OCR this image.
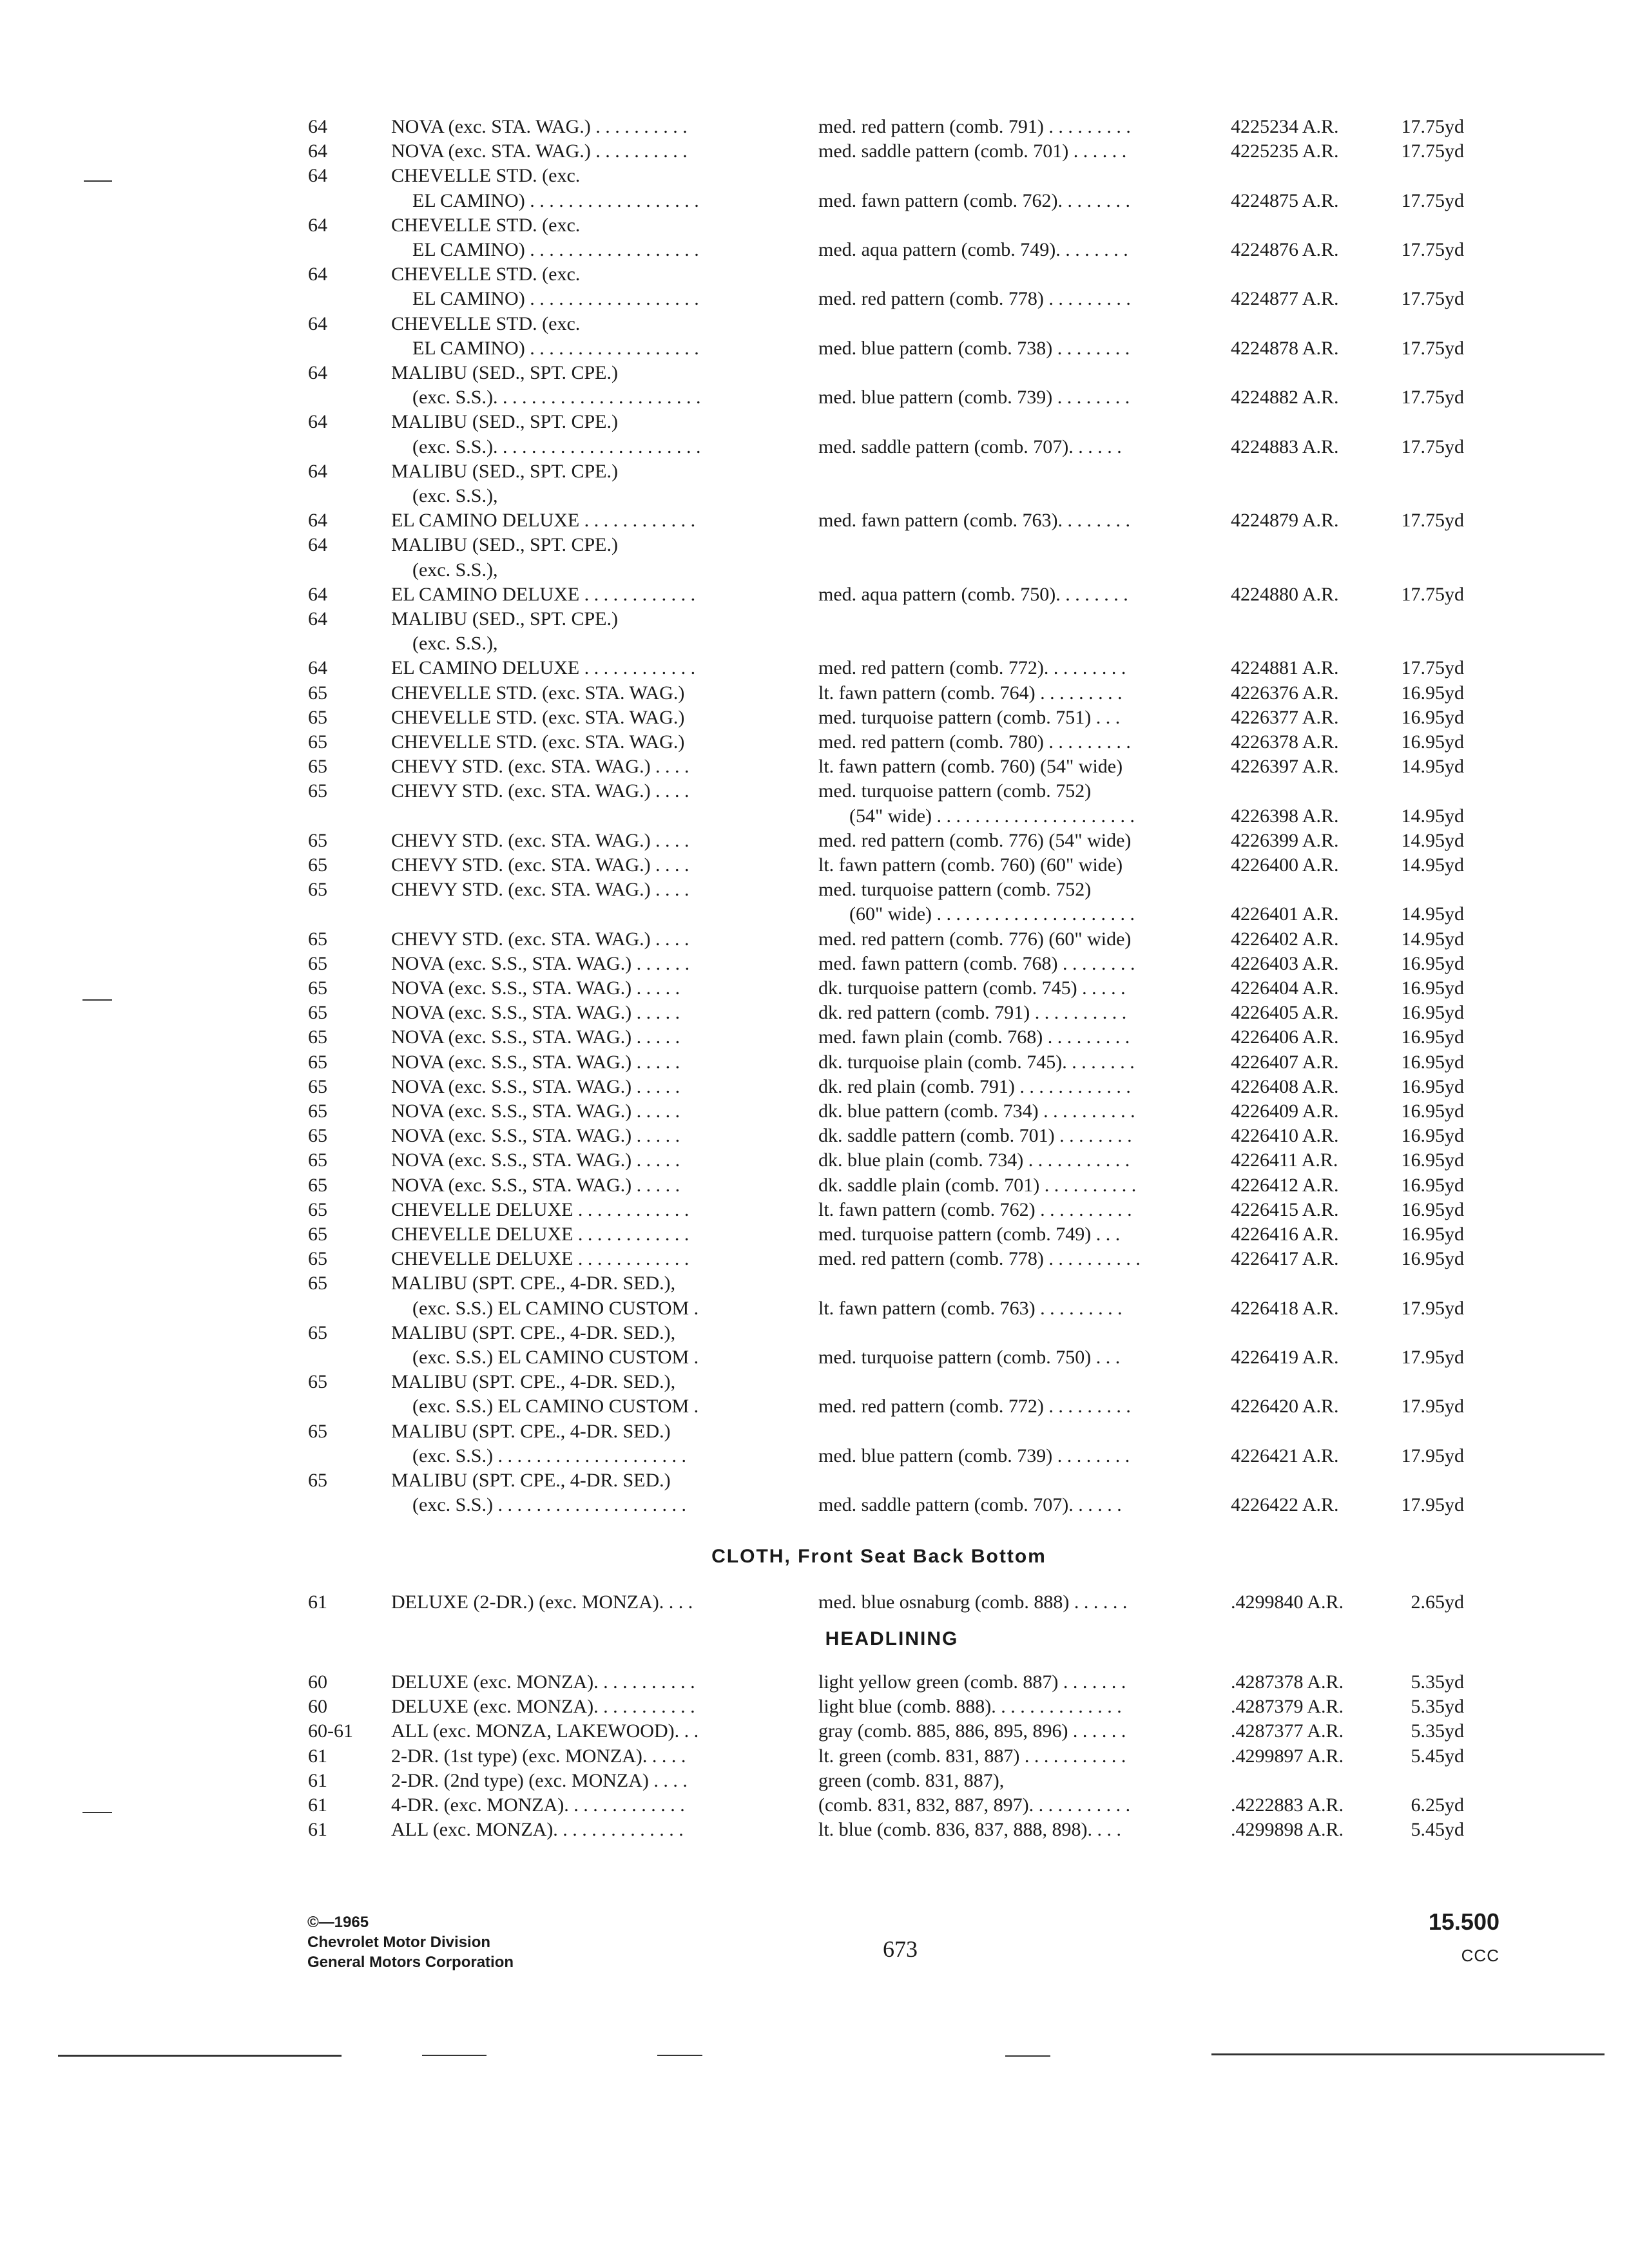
64	NOVA (exc. STA. WAG.) . . . . . . . . . .	med. red pattern (comb. 791) . . . . . . . . .	4225234 A.R.	17.75yd
64	NOVA (exc. STA. WAG.) . . . . . . . . . .	med. saddle pattern (comb. 701) . . . . . .	4225235 A.R.	17.75yd
64	CHEVELLE STD. (exc.
EL CAMINO) . . . . . . . . . . . . . . . . . .	med. fawn pattern (comb. 762). . . . . . . .	4224875 A.R.	17.75yd
64	CHEVELLE STD. (exc.
EL CAMINO) . . . . . . . . . . . . . . . . . .	med. aqua pattern (comb. 749). . . . . . . .	4224876 A.R.	17.75yd
64	CHEVELLE STD. (exc.
EL CAMINO) . . . . . . . . . . . . . . . . . .	med. red pattern (comb. 778) . . . . . . . . .	4224877 A.R.	17.75yd
64	CHEVELLE STD. (exc.
EL CAMINO) . . . . . . . . . . . . . . . . . .	med. blue pattern (comb. 738) . . . . . . . .	4224878 A.R.	17.75yd
64	MALIBU (SED., SPT. CPE.)
(exc. S.S.). . . . . . . . . . . . . . . . . . . . . .	med. blue pattern (comb. 739) . . . . . . . .	4224882 A.R.	17.75yd
64	MALIBU (SED., SPT. CPE.)
(exc. S.S.). . . . . . . . . . . . . . . . . . . . . .	med. saddle pattern (comb. 707). . . . . .	4224883 A.R.	17.75yd
64	MALIBU (SED., SPT. CPE.)
(exc. S.S.),
64	EL CAMINO DELUXE . . . . . . . . . . . .	med. fawn pattern (comb. 763). . . . . . . .	4224879 A.R.	17.75yd
64	MALIBU (SED., SPT. CPE.)
(exc. S.S.),
64	EL CAMINO DELUXE . . . . . . . . . . . .	med. aqua pattern (comb. 750). . . . . . . .	4224880 A.R.	17.75yd
64	MALIBU (SED., SPT. CPE.)
(exc. S.S.),
64	EL CAMINO DELUXE . . . . . . . . . . . .	med. red pattern (comb. 772). . . . . . . . .	4224881 A.R.	17.75yd
65	CHEVELLE STD. (exc. STA. WAG.)	lt. fawn pattern (comb. 764) . . . . . . . . .	4226376 A.R.	16.95yd
65	CHEVELLE STD. (exc. STA. WAG.)	med. turquoise pattern (comb. 751) . . .	4226377 A.R.	16.95yd
65	CHEVELLE STD. (exc. STA. WAG.)	med. red pattern (comb. 780) . . . . . . . . .	4226378 A.R.	16.95yd
65	CHEVY STD. (exc. STA. WAG.) . . . .	lt. fawn pattern (comb. 760) (54" wide)	4226397 A.R.	14.95yd
65	CHEVY STD. (exc. STA. WAG.) . . . .	med. turquoise pattern (comb. 752)
(54" wide) . . . . . . . . . . . . . . . . . . . . .	4226398 A.R.	14.95yd
65	CHEVY STD. (exc. STA. WAG.) . . . .	med. red pattern (comb. 776) (54" wide)	4226399 A.R.	14.95yd
65	CHEVY STD. (exc. STA. WAG.) . . . .	lt. fawn pattern (comb. 760) (60" wide)	4226400 A.R.	14.95yd
65	CHEVY STD. (exc. STA. WAG.) . . . .	med. turquoise pattern (comb. 752)
(60" wide) . . . . . . . . . . . . . . . . . . . . .	4226401 A.R.	14.95yd
65	CHEVY STD. (exc. STA. WAG.) . . . .	med. red pattern (comb. 776) (60" wide)	4226402 A.R.	14.95yd
65	NOVA (exc. S.S., STA. WAG.) . . . . . .	med. fawn pattern (comb. 768) . . . . . . . .	4226403 A.R.	16.95yd
65	NOVA (exc. S.S., STA. WAG.) . . . . .	dk. turquoise pattern (comb. 745) . . . . .	4226404 A.R.	16.95yd
65	NOVA (exc. S.S., STA. WAG.) . . . . .	dk. red pattern (comb. 791) . . . . . . . . . .	4226405 A.R.	16.95yd
65	NOVA (exc. S.S., STA. WAG.) . . . . .	med. fawn plain (comb. 768) . . . . . . . . .	4226406 A.R.	16.95yd
65	NOVA (exc. S.S., STA. WAG.) . . . . .	dk. turquoise plain (comb. 745). . . . . . . .	4226407 A.R.	16.95yd
65	NOVA (exc. S.S., STA. WAG.) . . . . .	dk. red plain (comb. 791) . . . . . . . . . . . .	4226408 A.R.	16.95yd
65	NOVA (exc. S.S., STA. WAG.) . . . . .	dk. blue pattern (comb. 734) . . . . . . . . . .	4226409 A.R.	16.95yd
65	NOVA (exc. S.S., STA. WAG.) . . . . .	dk. saddle pattern (comb. 701) . . . . . . . .	4226410 A.R.	16.95yd
65	NOVA (exc. S.S., STA. WAG.) . . . . .	dk. blue plain (comb. 734) . . . . . . . . . . .	4226411 A.R.	16.95yd
65	NOVA (exc. S.S., STA. WAG.) . . . . .	dk. saddle plain (comb. 701) . . . . . . . . . .	4226412 A.R.	16.95yd
65	CHEVELLE DELUXE . . . . . . . . . . . .	lt. fawn pattern (comb. 762) . . . . . . . . . .	4226415 A.R.	16.95yd
65	CHEVELLE DELUXE . . . . . . . . . . . .	med. turquoise pattern (comb. 749) . . .	4226416 A.R.	16.95yd
65	CHEVELLE DELUXE . . . . . . . . . . . .	med. red pattern (comb. 778) . . . . . . . . . .	4226417 A.R.	16.95yd
65	MALIBU (SPT. CPE., 4-DR. SED.),
(exc. S.S.) EL CAMINO CUSTOM .	lt. fawn pattern (comb. 763) . . . . . . . . .	4226418 A.R.	17.95yd
65	MALIBU (SPT. CPE., 4-DR. SED.),
(exc. S.S.) EL CAMINO CUSTOM .	med. turquoise pattern (comb. 750) . . .	4226419 A.R.	17.95yd
65	MALIBU (SPT. CPE., 4-DR. SED.),
(exc. S.S.) EL CAMINO CUSTOM .	med. red pattern (comb. 772) . . . . . . . . .	4226420 A.R.	17.95yd
65	MALIBU (SPT. CPE., 4-DR. SED.)
(exc. S.S.) . . . . . . . . . . . . . . . . . . . .	med. blue pattern (comb. 739) . . . . . . . .	4226421 A.R.	17.95yd
65	MALIBU (SPT. CPE., 4-DR. SED.)
(exc. S.S.) . . . . . . . . . . . . . . . . . . . .	med. saddle pattern (comb. 707). . . . . .	4226422 A.R.	17.95yd
CLOTH, Front Seat Back Bottom
61	DELUXE (2-DR.) (exc. MONZA). . . .	med. blue osnaburg (comb. 888) . . . . . .	.4299840 A.R.	2.65yd
HEADLINING
60	DELUXE (exc. MONZA). . . . . . . . . . .	light yellow green (comb. 887) . . . . . . .	.4287378 A.R.	5.35yd
60	DELUXE (exc. MONZA). . . . . . . . . . .	light blue (comb. 888). . . . . . . . . . . . . .	.4287379 A.R.	5.35yd
60-61 ALL (exc. MONZA, LAKEWOOD). . .	gray (comb. 885, 886, 895, 896) . . . . . .	.4287377 A.R.	5.35yd
61	2-DR. (1st type) (exc. MONZA). . . . .	lt. green (comb. 831, 887) . . . . . . . . . . .	.4299897 A.R.	5.45yd
61	2-DR. (2nd type) (exc. MONZA) . . . .	green (comb. 831, 887),
61	4-DR. (exc. MONZA). . . . . . . . . . . . .	(comb. 831, 832, 887, 897). . . . . . . . . . .	.4222883 A.R.	6.25yd
61	ALL (exc. MONZA). . . . . . . . . . . . . .	lt. blue (comb. 836, 837, 888, 898). . . .	.4299898 A.R.	5.45yd
©—1965
Chevrolet Motor Division
General Motors Corporation
673
15.500
CCC
